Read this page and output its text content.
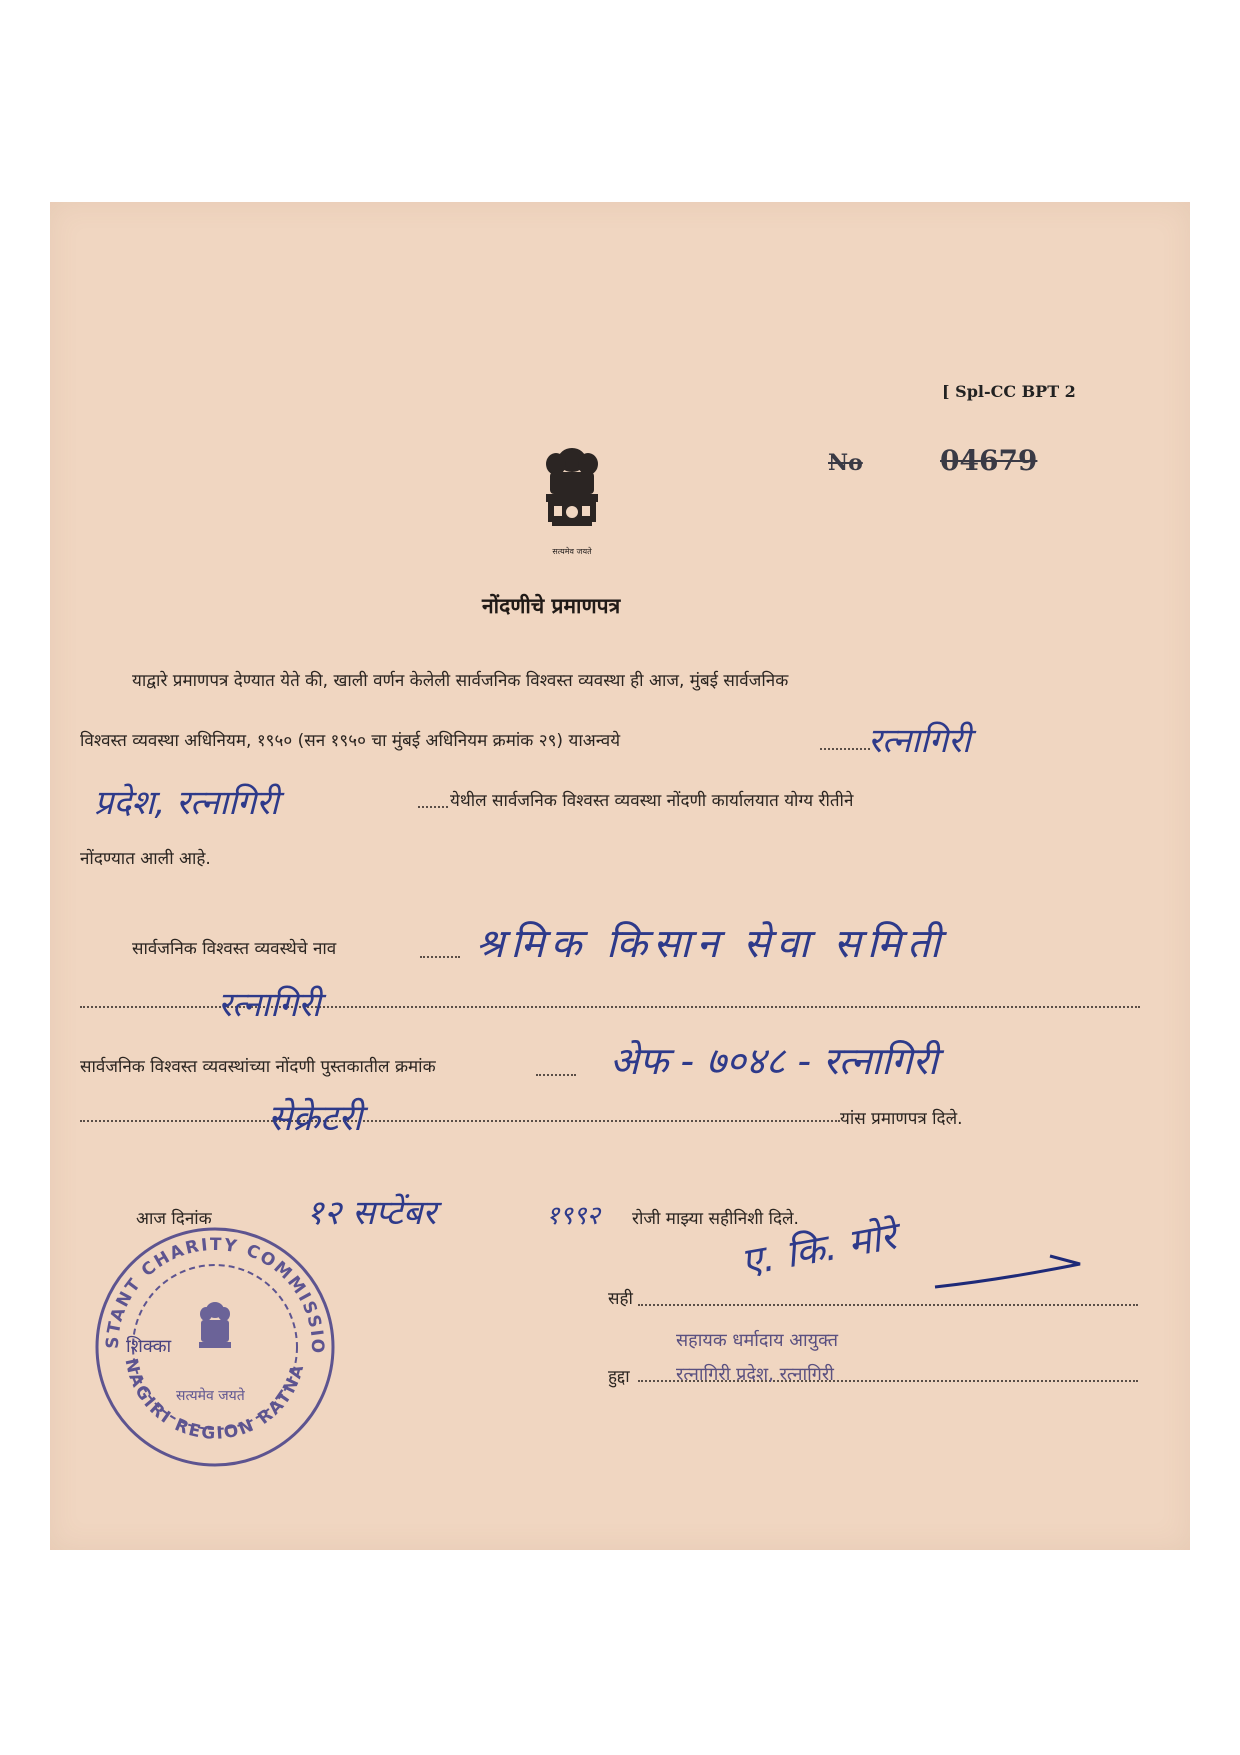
[ Spl-CC BPT 2
सत्यमेव जयते
No	04679
नोंदणीचे प्रमाणपत्र
याद्वारे प्रमाणपत्र देण्यात येते की, खाली वर्णन केलेली सार्वजनिक विश्वस्त व्यवस्था ही आज, मुंबई सार्वजनिक
विश्वस्त व्यवस्था अधिनियम, १९५० (सन १९५० चा मुंबई अधिनियम क्रमांक २९) याअन्वये	रत्नागिरी
प्रदेश, रत्नागिरी	येथील सार्वजनिक विश्वस्त व्यवस्था नोंदणी कार्यालयात योग्य रीतीने
नोंदण्यात आली आहे.
सार्वजनिक विश्वस्त व्यवस्थेचे नाव	श्रमिक किसान सेवा समिती
रत्नागिरी
सार्वजनिक विश्वस्त व्यवस्थांच्या नोंदणी पुस्तकातील क्रमांक	अेफ - ७०४८ - रत्नागिरी
सेक्रेटरी	यांस प्रमाणपत्र दिले.
आज दिनांक	१२ सप्टेंबर	१९९२ रोजी माझ्या सहीनिशी दिले.
सही
ए. कि. मोरे
सहायक धर्मादाय आयुक्त
हुद्दा	रत्नागिरी प्रदेश, रत्नागिरी
STANT CHARITY COMMISSIO
NAGIRI REGION RATNA
शिक्का
सत्यमेव जयते
